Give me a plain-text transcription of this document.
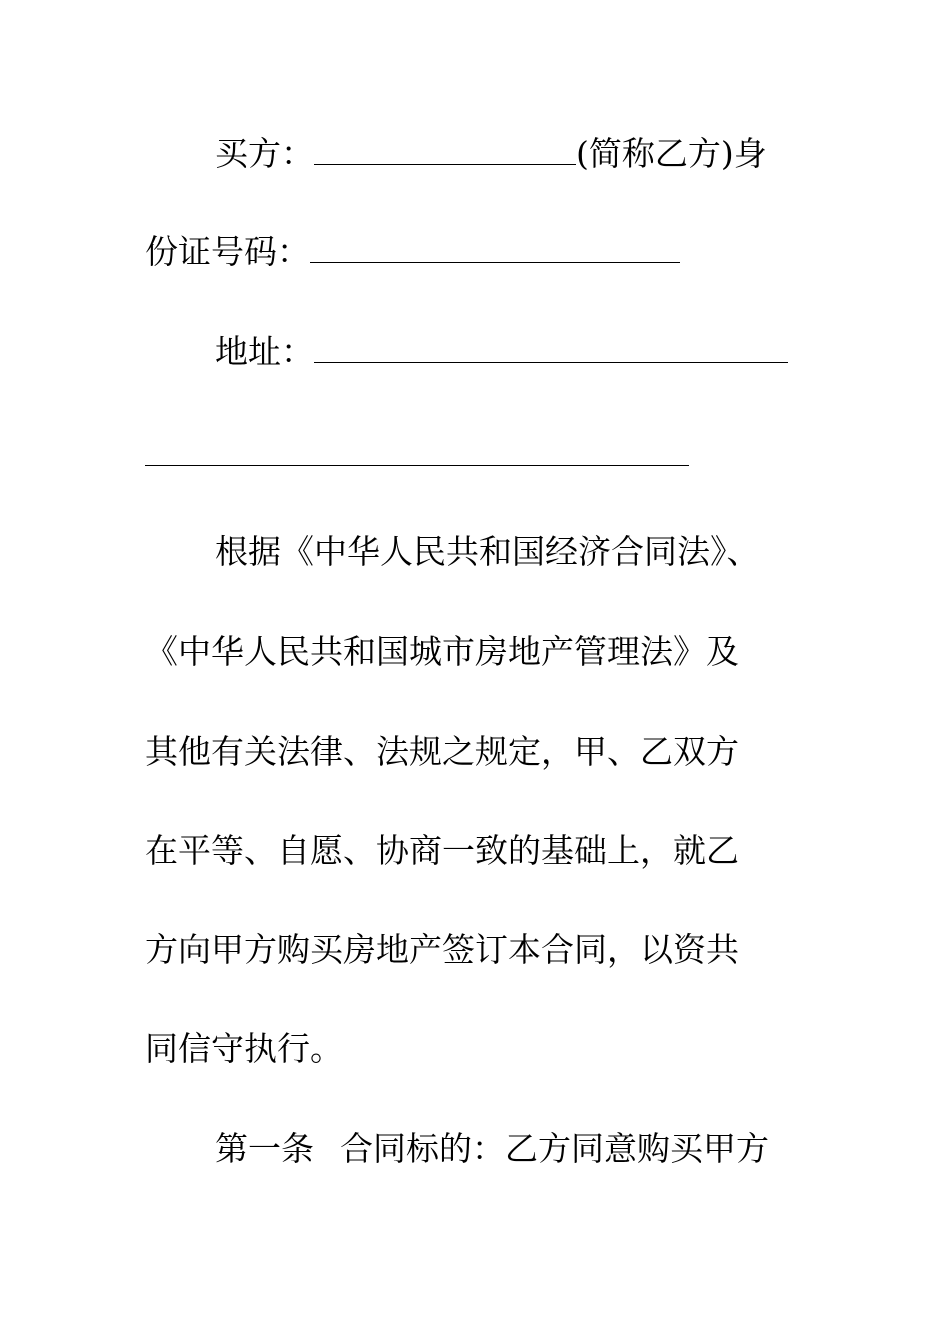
买方：	(简称乙方)身
份证号码：
地址：
根据《中华人民共和国经济合同法》、
《中华人民共和国城市房地产管理法》及
其他有关法律、法规之规定，甲、乙双方
在平等、自愿、协商一致的基础上，就乙
方向甲方购买房地产签订本合同，以资共
同信守执行。
第一条 合同标的：乙方同意购买甲方
